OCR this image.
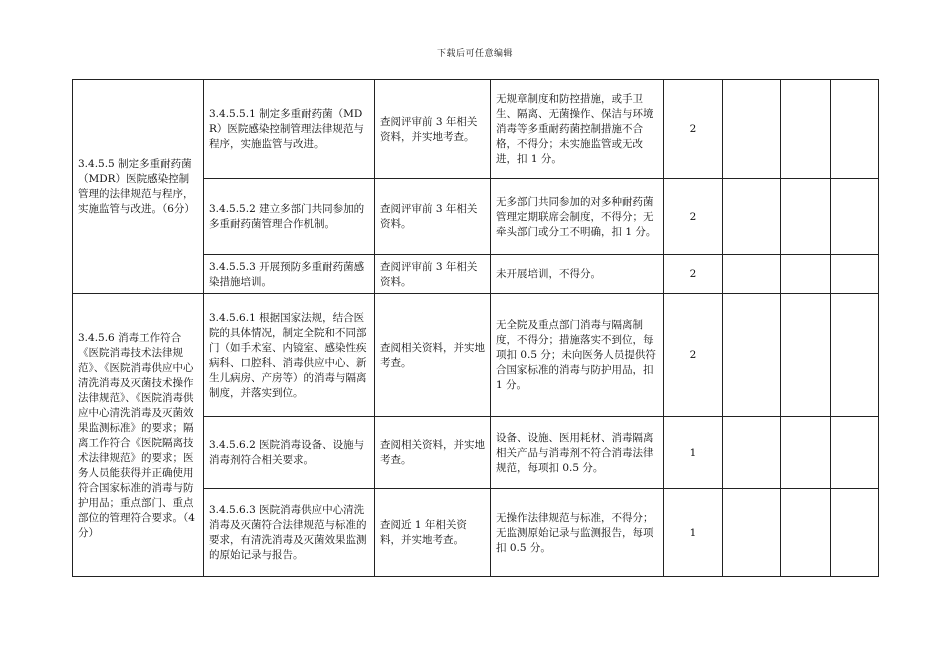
下载后可任意编辑
3.4.5.5 制定多重耐药菌（MDR）医院感染控制管理的法律规范与程序，实施监管与改进。（6分）	3.4.5.5.1 制定多重耐药菌（MDR）医院感染控制管理法律规范与程序，实施监管与改进。	查阅评审前 3 年相关资料，并实地考查。	无规章制度和防控措施，或手卫生、隔离、无菌操作、保洁与环境消毒等多重耐药菌控制措施不合格，不得分；未实施监管或无改进，扣 1 分。	2			
	3.4.5.5.2 建立多部门共同参加的多重耐药菌管理合作机制。	查阅评审前 3 年相关资料。	无多部门共同参加的对多种耐药菌管理定期联席会制度，不得分；无牵头部门或分工不明确，扣 1 分。	2			
	3.4.5.5.3 开展预防多重耐药菌感染措施培训。	查阅评审前 3 年相关资料。	未开展培训，不得分。	2			
3.4.5.6 消毒工作符合《医院消毒技术法律规范》、《医院消毒供应中心清洗消毒及灭菌技术操作法律规范》、《医院消毒供应中心清洗消毒及灭菌效果监测标准》的要求；隔离工作符合《医院隔离技术法律规范》的要求；医务人员能获得并正确使用符合国家标准的消毒与防护用品；重点部门、重点部位的管理符合要求。（4分）	3.4.5.6.1 根据国家法规，结合医院的具体情况，制定全院和不同部门（如手术室、内镜室、感染性疾病科、口腔科、消毒供应中心、新生儿病房、产房等）的消毒与隔离制度，并落实到位。	查阅相关资料，并实地考查。	无全院及重点部门消毒与隔离制度，不得分；措施落实不到位，每项扣 0.5 分；未向医务人员提供符合国家标准的消毒与防护用品，扣 1 分。	2			
	3.4.5.6.2 医院消毒设备、设施与消毒剂符合相关要求。	查阅相关资料，并实地考查。	设备、设施、医用耗材、消毒隔离相关产品与消毒剂不符合消毒法律规范，每项扣 0.5 分。	1			
	3.4.5.6.3 医院消毒供应中心清洗消毒及灭菌符合法律规范与标准的要求，有清洗消毒及灭菌效果监测的原始记录与报告。	查阅近 1 年相关资料，并实地考查。	无操作法律规范与标准，不得分；无监测原始记录与监测报告，每项扣 0.5 分。	1			
